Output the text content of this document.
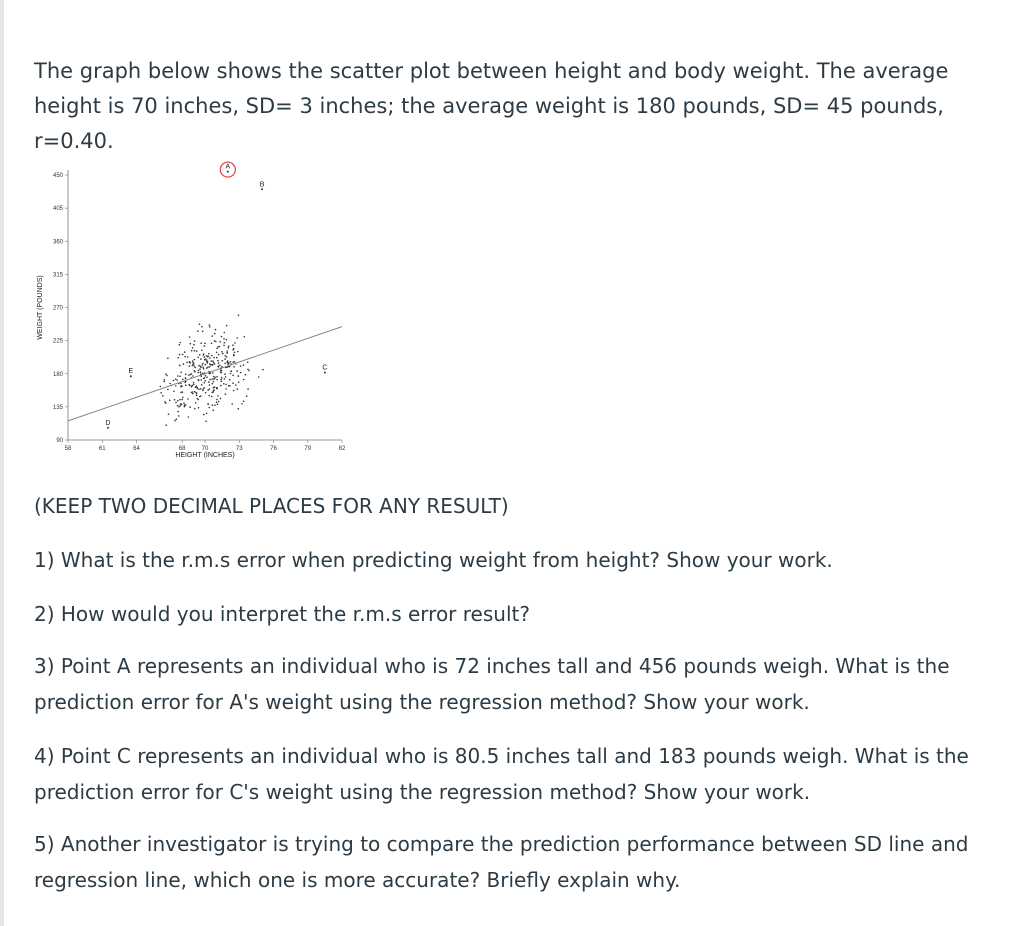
The graph below shows the scatter plot between height and body weight. The average height is 70 inches, SD= 3 inches; the average weight is 180 pounds, SD= 45 pounds, r=0.40.

90
135
180
225
270
315
360
405
450
58	61	64	68	70	73	76	79	82
HEIGHT (INCHES)
WEIGHT (POUNDS)
A
B
C
D
E

(KEEP TWO DECIMAL PLACES FOR ANY RESULT)

1) What is the r.m.s error when predicting weight from height? Show your work.

2) How would you interpret the r.m.s error result?

3) Point A represents an individual who is 72 inches tall and 456 pounds weigh. What is the prediction error for A's weight using the regression method? Show your work.

4) Point C represents an individual who is 80.5 inches tall and 183 pounds weigh. What is the prediction error for C's weight using the regression method? Show your work.

5) Another investigator is trying to compare the prediction performance between SD line and regression line, which one is more accurate? Briefly explain why.
